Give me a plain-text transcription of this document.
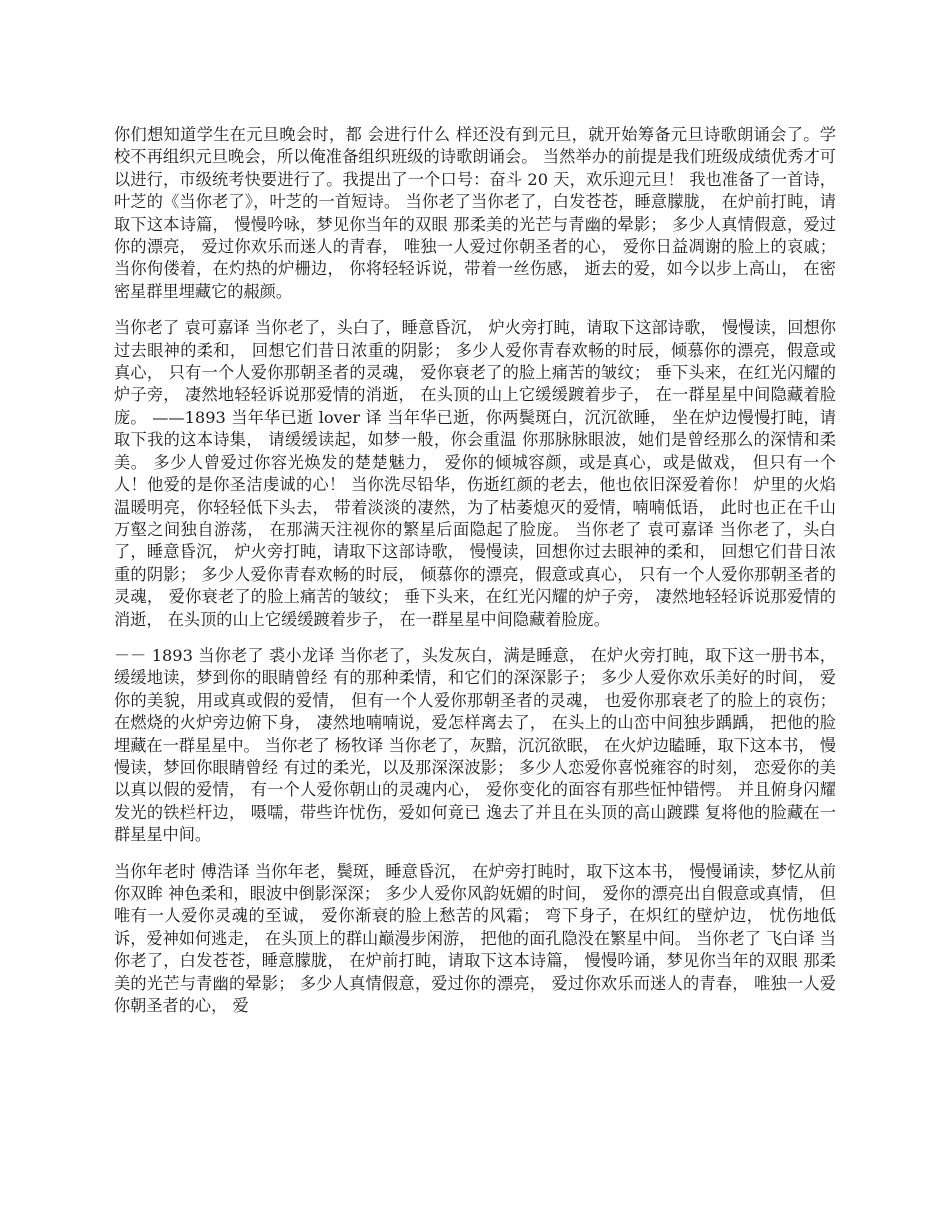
你们想知道学生在元旦晚会时，都 会进行什么 样还没有到元旦，就开始筹备元旦诗歌朗诵会了。学校不再组织元旦晚会，所以俺准备组织班级的诗歌朗诵会。 当然举办的前提是我们班级成绩优秀才可以进行，市级统考快要进行了。我提出了一个口号：奋斗 20 天，欢乐迎元旦！ 我也准备了一首诗，叶芝的《当你老了》，叶芝的一首短诗。 当你老了当你老了，白发苍苍，睡意朦胧， 在炉前打盹，请取下这本诗篇， 慢慢吟咏，梦见你当年的双眼 那柔美的光芒与青幽的晕影； 多少人真情假意，爱过你的漂亮， 爱过你欢乐而迷人的青春， 唯独一人爱过你朝圣者的心， 爱你日益凋谢的脸上的哀戚； 当你佝偻着，在灼热的炉栅边， 你将轻轻诉说，带着一丝伤感， 逝去的爱，如今以步上高山， 在密密星群里埋藏它的赧颜。

当你老了 袁可嘉译 当你老了，头白了，睡意昏沉， 炉火旁打盹，请取下这部诗歌， 慢慢读，回想你过去眼神的柔和， 回想它们昔日浓重的阴影； 多少人爱你青春欢畅的时辰，倾慕你的漂亮，假意或真心， 只有一个人爱你那朝圣者的灵魂， 爱你衰老了的脸上痛苦的皱纹； 垂下头来，在红光闪耀的炉子旁， 凄然地轻轻诉说那爱情的消逝， 在头顶的山上它缓缓踱着步子， 在一群星星中间隐藏着脸庞。 ——1893 当年华已逝 lover 译 当年华已逝，你两鬓斑白，沉沉欲睡， 坐在炉边慢慢打盹，请取下我的这本诗集， 请缓缓读起，如梦一般，你会重温 你那脉脉眼波，她们是曾经那么的深情和柔美。 多少人曾爱过你容光焕发的楚楚魅力， 爱你的倾城容颜，或是真心，或是做戏， 但只有一个人！他爱的是你圣洁虔诚的心！ 当你洗尽铅华，伤逝红颜的老去，他也依旧深爱着你！ 炉里的火焰温暖明亮，你轻轻低下头去， 带着淡淡的凄然，为了枯萎熄灭的爱情，喃喃低语， 此时也正在千山万壑之间独自游荡， 在那满天注视你的繁星后面隐起了脸庞。 当你老了 袁可嘉译 当你老了，头白了，睡意昏沉， 炉火旁打盹，请取下这部诗歌， 慢慢读，回想你过去眼神的柔和， 回想它们昔日浓重的阴影； 多少人爱你青春欢畅的时辰， 倾慕你的漂亮，假意或真心， 只有一个人爱你那朝圣者的灵魂， 爱你衰老了的脸上痛苦的皱纹； 垂下头来，在红光闪耀的炉子旁， 凄然地轻轻诉说那爱情的消逝， 在头顶的山上它缓缓踱着步子， 在一群星星中间隐藏着脸庞。

－－ 1893 当你老了 裘小龙译 当你老了，头发灰白，满是睡意， 在炉火旁打盹，取下这一册书本， 缓缓地读，梦到你的眼睛曾经 有的那种柔情，和它们的深深影子； 多少人爱你欢乐美好的时间， 爱你的美貌，用或真或假的爱情， 但有一个人爱你那朝圣者的灵魂， 也爱你那衰老了的脸上的哀伤； 在燃烧的火炉旁边俯下身， 凄然地喃喃说，爱怎样离去了， 在头上的山峦中间独步踽踽， 把他的脸埋藏在一群星星中。 当你老了 杨牧译 当你老了，灰黯，沉沉欲眠， 在火炉边瞌睡，取下这本书， 慢慢读，梦回你眼睛曾经 有过的柔光，以及那深深波影； 多少人恋爱你喜悦雍容的时刻， 恋爱你的美以真以假的爱情， 有一个人爱你朝山的灵魂内心， 爱你变化的面容有那些怔忡错愕。 并且俯身闪耀发光的铁栏杆边， 嗫嚅，带些许忧伤，爱如何竟已 逸去了并且在头顶的高山踱蹀 复将他的脸藏在一群星星中间。

当你年老时 傅浩译 当你年老，鬓斑，睡意昏沉， 在炉旁打盹时，取下这本书， 慢慢诵读，梦忆从前你双眸 神色柔和，眼波中倒影深深； 多少人爱你风韵妩媚的时间， 爱你的漂亮出自假意或真情， 但唯有一人爱你灵魂的至诚， 爱你渐衰的脸上愁苦的风霜； 弯下身子，在炽红的壁炉边， 忧伤地低诉，爱神如何逃走， 在头顶上的群山巅漫步闲游， 把他的面孔隐没在繁星中间。 当你老了 飞白译 当你老了，白发苍苍，睡意朦胧， 在炉前打盹，请取下这本诗篇， 慢慢吟诵，梦见你当年的双眼 那柔美的光芒与青幽的晕影； 多少人真情假意，爱过你的漂亮， 爱过你欢乐而迷人的青春， 唯独一人爱你朝圣者的心， 爱
